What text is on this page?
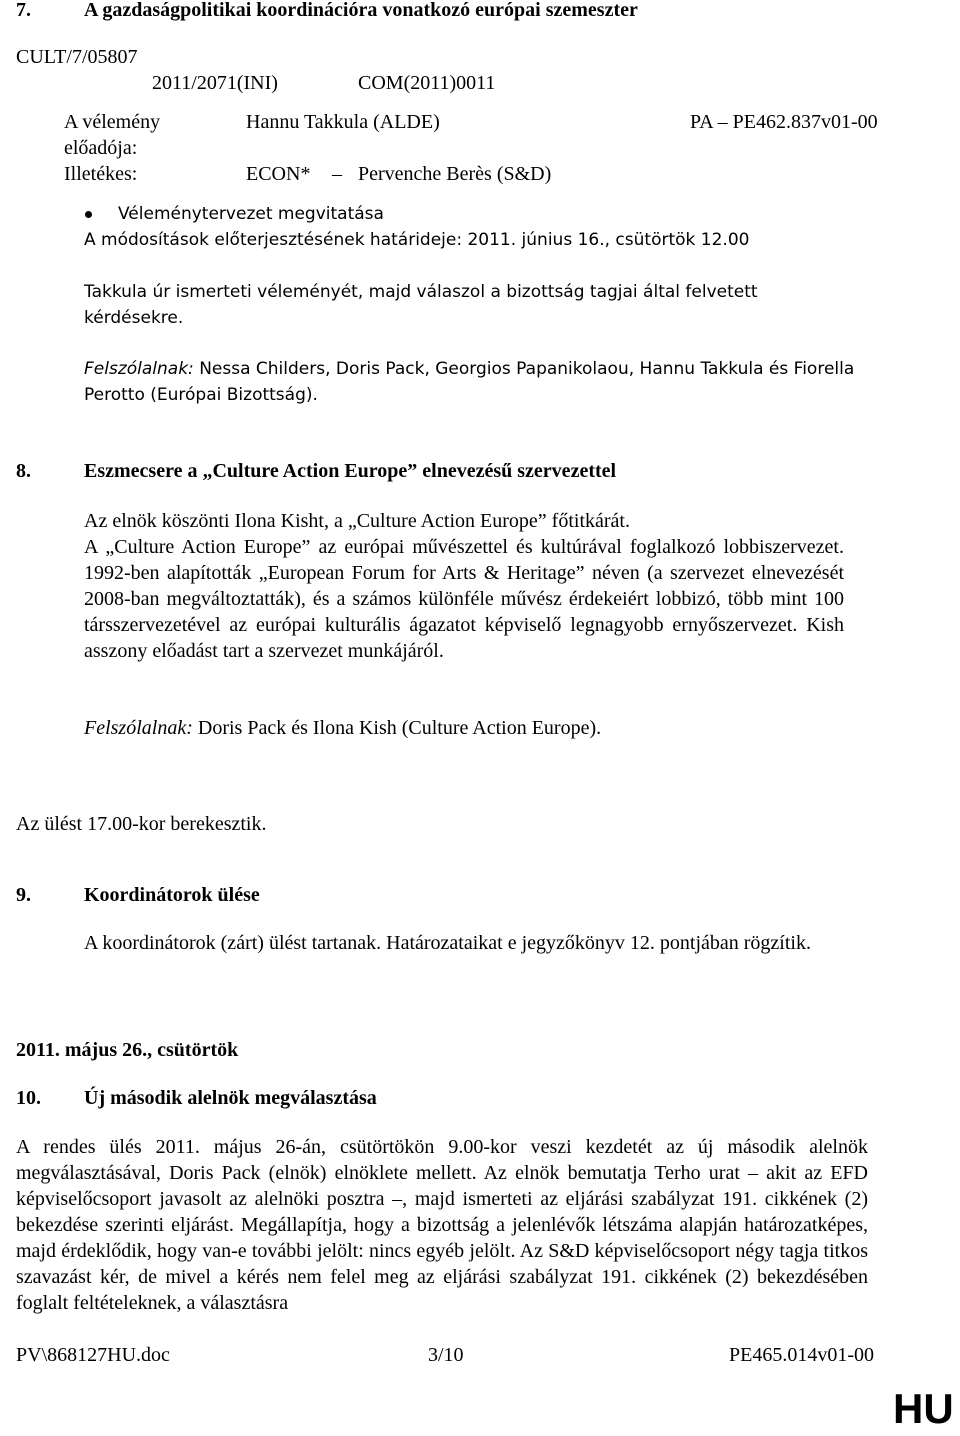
7.	A gazdaságpolitikai koordinációra vonatkozó európai szemeszter
CULT/7/05807
2011/2071(INI)	COM(2011)0011
A vélemény előadója:
Hannu Takkula (ALDE)	PA – PE462.837v01-00
Illetékes:	ECON* – Pervenche Berès (S&D)
Véleménytervezet megvitatása
A módosítások előterjesztésének határideje: 2011. június 16., csütörtök 12.00
Takkula úr ismerteti véleményét, majd válaszol a bizottság tagjai által felvetett kérdésekre.
Felszólalnak: Nessa Childers, Doris Pack, Georgios Papanikolaou, Hannu Takkula és Fiorella Perotto (Európai Bizottság).
8.	Eszmecsere a „Culture Action Europe” elnevezésű szervezettel
Az elnök köszönti Ilona Kisht, a „Culture Action Europe” főtitkárát.
A „Culture Action Europe” az európai művészettel és kultúrával foglalkozó lobbiszervezet. 1992-ben alapították „European Forum for Arts & Heritage” néven (a szervezet elnevezését 2008-ban megváltoztatták), és a számos különféle művész érdekeiért lobbizó, több mint 100 társszervezetével az európai kulturális ágazatot képviselő legnagyobb ernyőszervezet. Kish asszony előadást tart a szervezet munkájáról.
Felszólalnak: Doris Pack és Ilona Kish (Culture Action Europe).
Az ülést 17.00-kor berekesztik.
9.	Koordinátorok ülése
A koordinátorok (zárt) ülést tartanak. Határozataikat e jegyzőkönyv 12. pontjában rögzítik.
2011. május 26., csütörtök
10. Új második alelnök megválasztása
A rendes ülés 2011. május 26-án, csütörtökön 9.00-kor veszi kezdetét az új második alelnök megválasztásával, Doris Pack (elnök) elnöklete mellett. Az elnök bemutatja Terho urat – akit az EFD képviselőcsoport javasolt az alelnöki posztra –, majd ismerteti az eljárási szabályzat 191. cikkének (2) bekezdése szerinti eljárást. Megállapítja, hogy a bizottság a jelenlévők létszáma alapján határozatképes, majd érdeklődik, hogy van-e további jelölt: nincs egyéb jelölt. Az S&D képviselőcsoport négy tagja titkos szavazást kér, de mivel a kérés nem felel meg az eljárási szabályzat 191. cikkének (2) bekezdésében foglalt feltételeknek, a választásra
PV\868127HU.doc	3/10	PE465.014v01-00
HU
